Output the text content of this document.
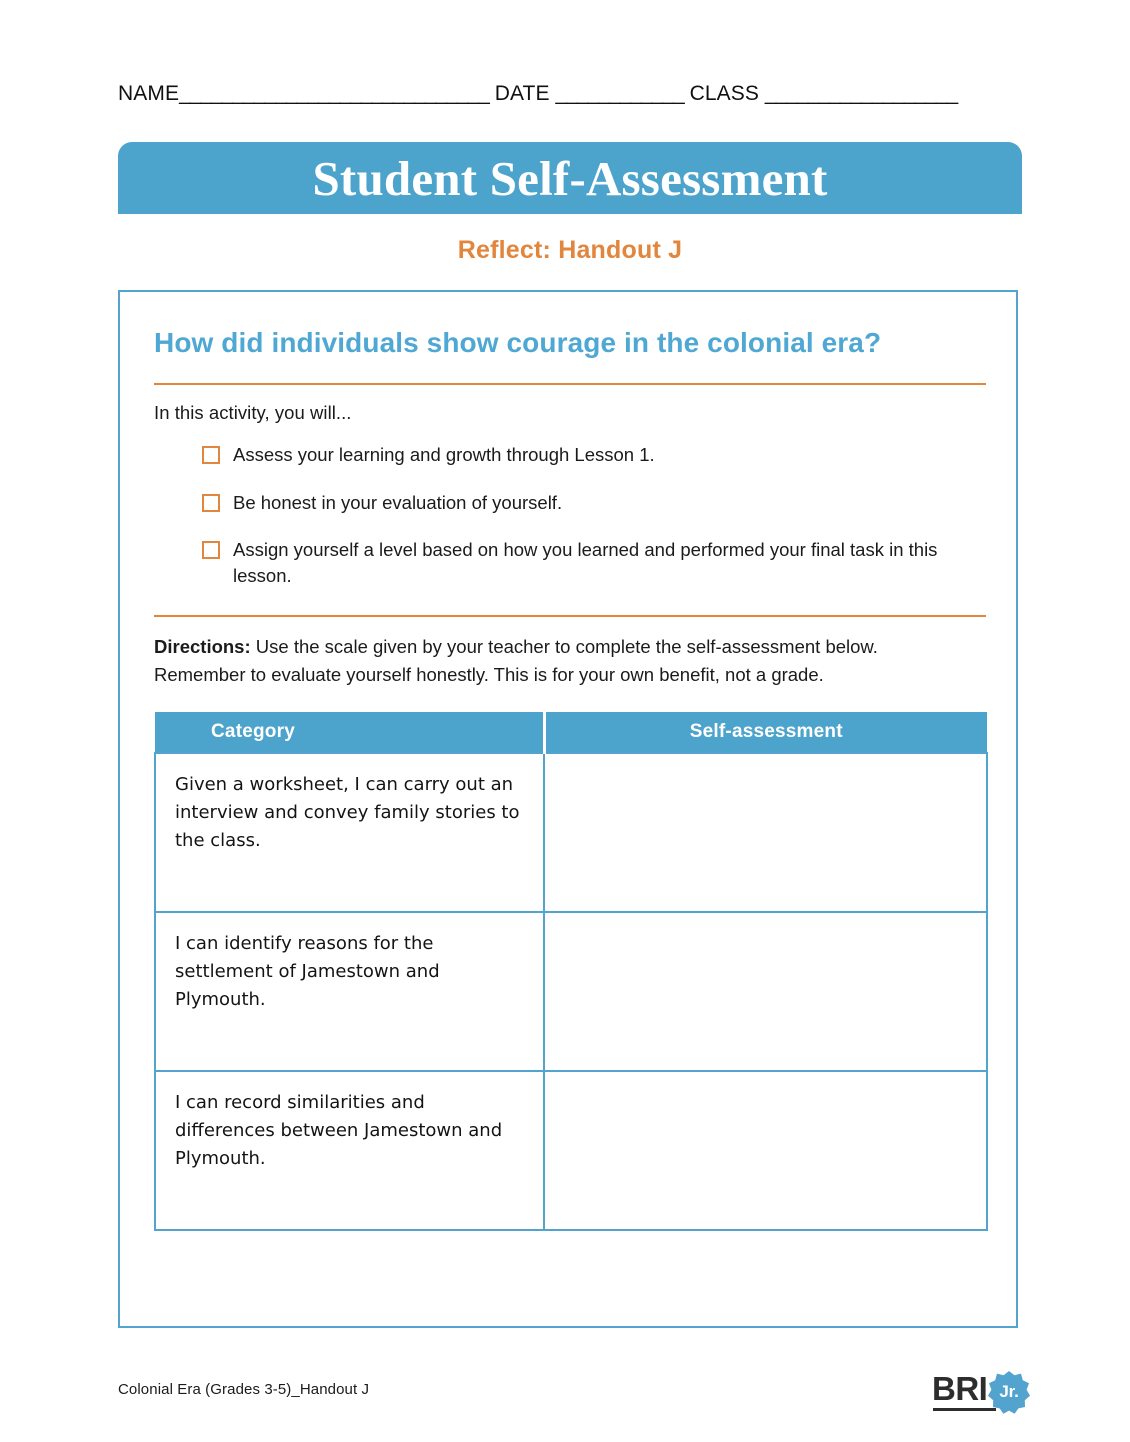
NAME_____________________________ DATE ____________ CLASS __________________
Student Self-Assessment
Reflect: Handout J
How did individuals show courage in the colonial era?

In this activity, you will...

Assess your learning and growth through Lesson 1.
Be honest in your evaluation of yourself.
Assign yourself a level based on how you learned and performed your final task in this lesson.

Directions: Use the scale given by your teacher to complete the self-assessment below. Remember to evaluate yourself honestly. This is for your own benefit, not a grade.

Category	Self-assessment
Given a worksheet, I can carry out an interview and convey family stories to the class.	
I can identify reasons for the settlement of Jamestown and Plymouth.	
I can record similarities and differences between Jamestown and Plymouth.	
Colonial Era (Grades 3-5)_Handout J	BRI Jr.
